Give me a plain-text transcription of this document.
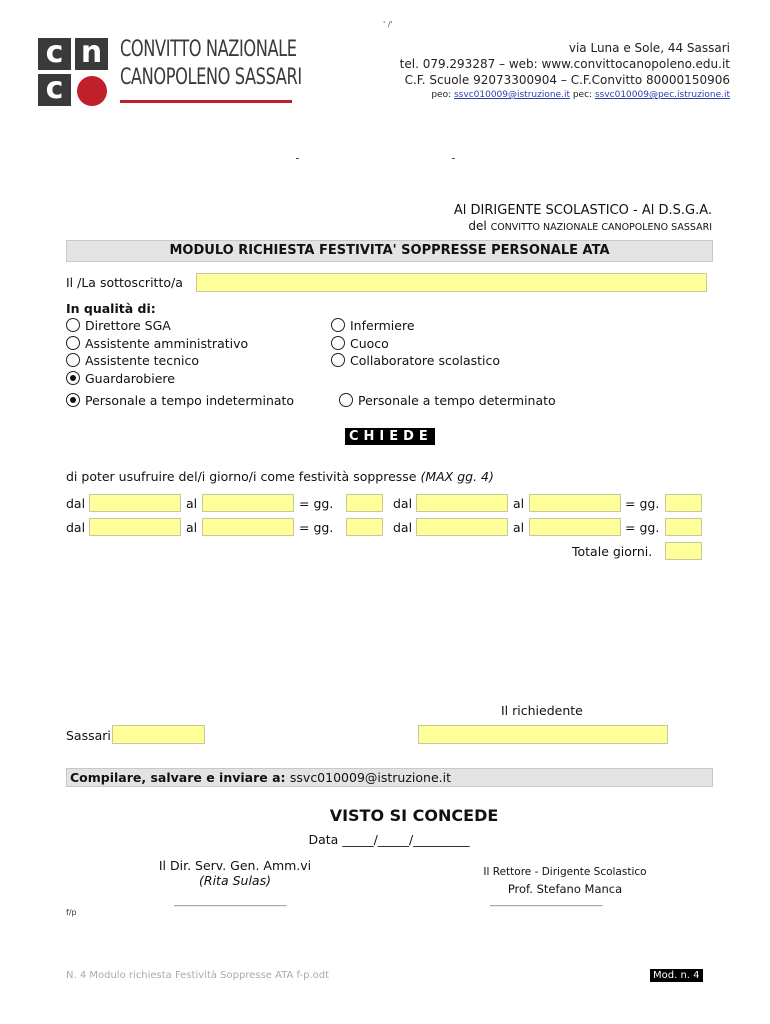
' /'
c n
c
CONVITTO NAZIONALE
CANOPOLENO SASSARI
via Luna e Sole, 44 Sassari
tel. 079.293287 – web: www.convittocanopoleno.edu.it
C.F. Scuole 92073300904 – C.F.Convitto 80000150906
peo: ssvc010009@istruzione.it pec: ssvc010009@pec.istruzione.it
Al DIRIGENTE SCOLASTICO - Al D.S.G.A.
del CONVITTO NAZIONALE CANOPOLENO SASSARI
MODULO RICHIESTA FESTIVITA' SOPPRESSE PERSONALE ATA
Il /La sottoscritto/a
In qualità di:
Direttore SGA
Assistente amministrativo
Assistente tecnico
Guardarobiere
Infermiere
Cuoco
Collaboratore scolastico
Personale a tempo indeterminato	Personale a tempo determinato
CHIEDE
di poter usufruire del/i giorno/i come festività soppresse (MAX gg. 4)
dal	al	= gg.	dal	al	= gg.
dal	al	= gg.	dal	al	= gg.
Totale giorni.
Il richiedente
Sassari
Compilare, salvare e inviare a: ssvc010009@istruzione.it
VISTO SI CONCEDE
Data _____/_____/_________
Il Dir. Serv. Gen. Amm.vi
(Rita Sulas)
Il Rettore - Dirigente Scolastico
Prof. Stefano Manca
_________________________	_________________________
f/p
N. 4 Modulo richiesta Festività Soppresse ATA f-p.odt	Mod. n. 4
